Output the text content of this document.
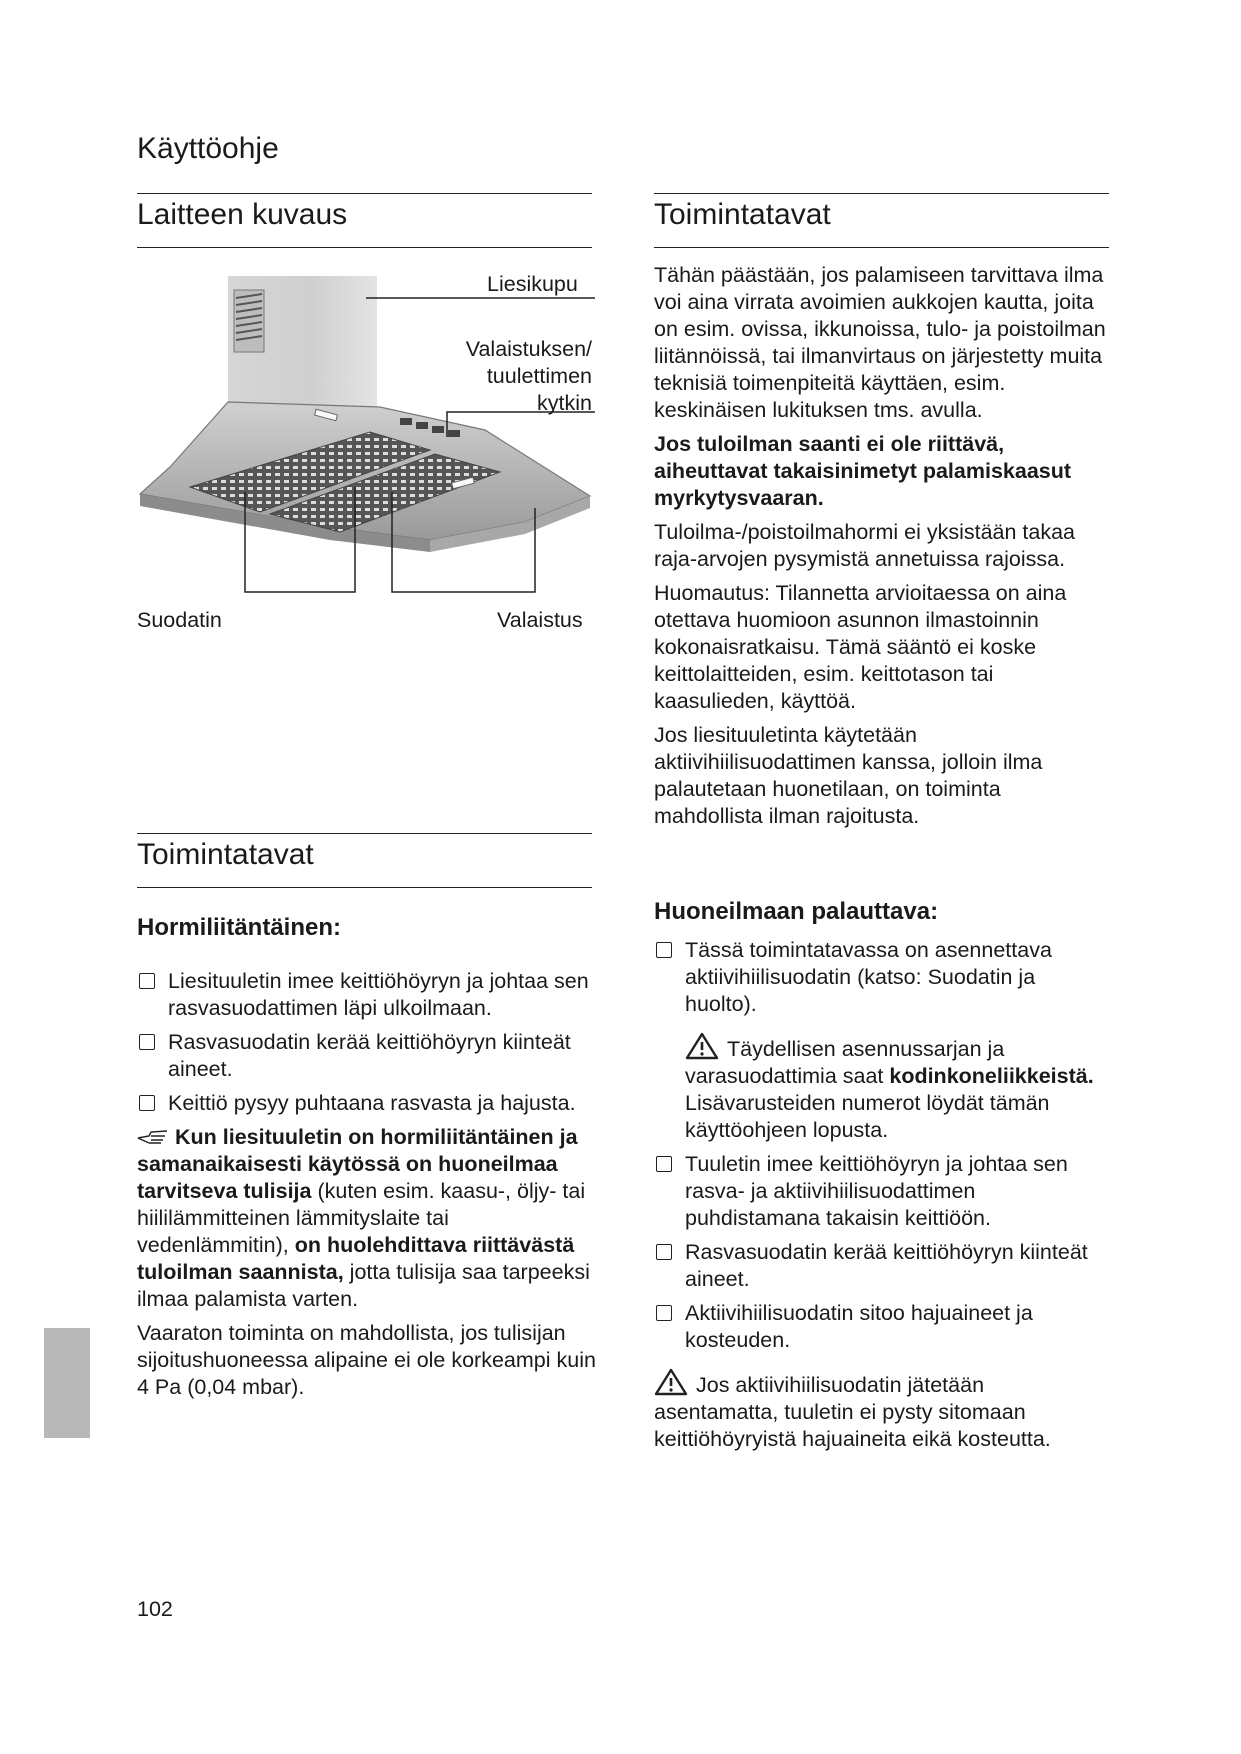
Käyttöohje
Laitteen kuvaus
Liesikupu
Valaistuksen/
tuulettimen
kytkin
Suodatin	Valaistus
Toimintatavat
Hormiliitäntäinen:
Liesituuletin imee keittiöhöyryn ja johtaa sen rasvasuodattimen läpi ulkoilmaan.
Rasvasuodatin kerää keittiöhöyryn kiinteät aineet.
Keittiö pysyy puhtaana rasvasta ja hajusta.

Kun liesituuletin on hormiliitäntäinen ja samanaikaisesti käytössä on huoneilmaa tarvitseva tulisija (kuten esim. kaasu-, öljy- tai hiililämmitteinen lämmityslaite tai vedenlämmitin), on huolehdittava riittävästä tuloilman saannista, jotta tulisija saa tarpeeksi ilmaa palamista varten.

Vaaraton toiminta on mahdollista, jos tulisijan sijoitushuoneessa alipaine ei ole korkeampi kuin 4 Pa (0,04 mbar).

Toimintatavat

Tähän päästään, jos palamiseen tarvittava ilma voi aina virrata avoimien aukkojen kautta, joita on esim. ovissa, ikkunoissa, tulo- ja poistoilman liitännöissä, tai ilmanvirtaus on järjestetty muita teknisiä toimenpiteitä käyttäen, esim. keskinäisen lukituksen tms. avulla.

Jos tuloilman saanti ei ole riittävä, aiheuttavat takaisinimetyt palamiskaasut myrkytysvaaran.

Tuloilma-/poistoilmahormi ei yksistään takaa raja-arvojen pysymistä annetuissa rajoissa.

Huomautus: Tilannetta arvioitaessa on aina otettava huomioon asunnon ilmastoinnin kokonaisratkaisu. Tämä sääntö ei koske keittolaitteiden, esim. keittotason tai kaasulieden, käyttöä.

Jos liesituuletinta käytetään aktiivihiilisuodattimen kanssa, jolloin ilma palautetaan huonetilaan, on toiminta mahdollista ilman rajoitusta.

Huoneilmaan palauttava:
Tässä toimintatavassa on asennettava aktiivihiilisuodatin (katso: Suodatin ja huolto).
Täydellisen asennussarjan ja varasuodattimia saat kodinkoneliikkeistä. Lisävarusteiden numerot löydät tämän käyttöohjeen lopusta.
Tuuletin imee keittiöhöyryn ja johtaa sen rasva- ja aktiivihiilisuodattimen puhdistamana takaisin keittiöön.
Rasvasuodatin kerää keittiöhöyryn kiinteät aineet.
Aktiivihiilisuodatin sitoo hajuaineet ja kosteuden.

Jos aktiivihiilisuodatin jätetään asentamatta, tuuletin ei pysty sitomaan keittiöhöyryistä hajuaineita eikä kosteutta.

102
